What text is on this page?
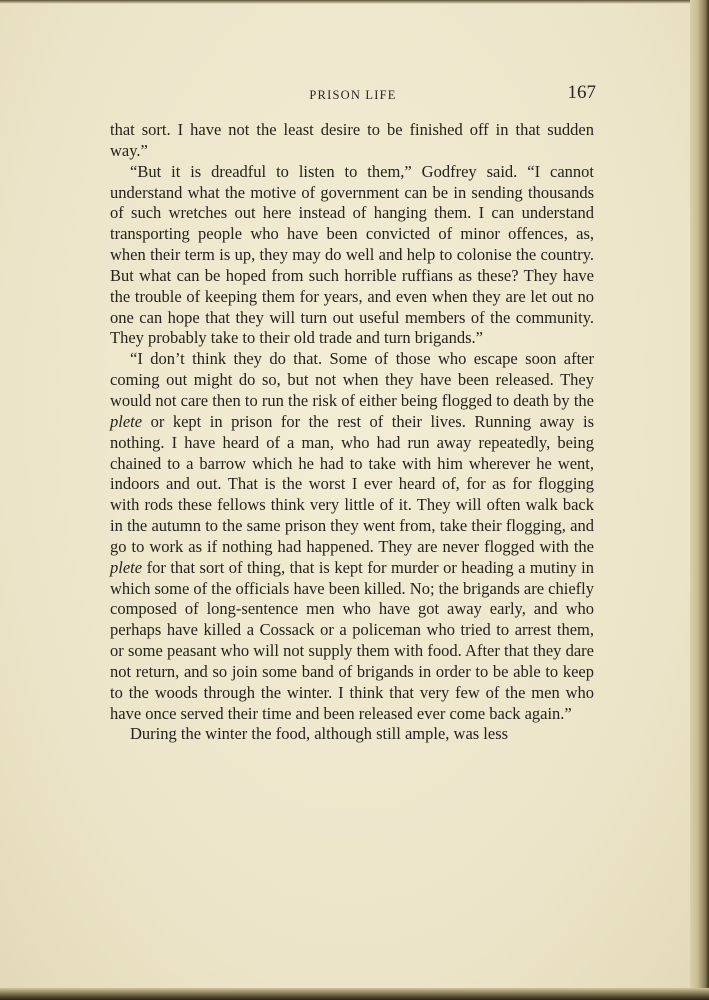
PRISON LIFE	167

that sort. I have not the least desire to be finished off in that sudden way.”

“But it is dreadful to listen to them,” Godfrey said. “I cannot understand what the motive of government can be in sending thousands of such wretches out here instead of hanging them. I can understand transporting people who have been convicted of minor offences, as, when their term is up, they may do well and help to colonise the country. But what can be hoped from such horrible ruffians as these? They have the trouble of keeping them for years, and even when they are let out no one can hope that they will turn out useful members of the community. They probably take to their old trade and turn brigands.”

“I don’t think they do that. Some of those who escape soon after coming out might do so, but not when they have been released. They would not care then to run the risk of either being flogged to death by the plete or kept in prison for the rest of their lives. Running away is nothing. I have heard of a man, who had run away repeatedly, being chained to a barrow which he had to take with him wherever he went, indoors and out. That is the worst I ever heard of, for as for flogging with rods these fellows think very little of it. They will often walk back in the autumn to the same prison they went from, take their flogging, and go to work as if nothing had happened. They are never flogged with the plete for that sort of thing, that is kept for murder or heading a mutiny in which some of the officials have been killed. No; the brigands are chiefly composed of long-sentence men who have got away early, and who perhaps have killed a Cossack or a policeman who tried to arrest them, or some peasant who will not supply them with food. After that they dare not return, and so join some band of brigands in order to be able to keep to the woods through the winter. I think that very few of the men who have once served their time and been released ever come back again.”

During the winter the food, although still ample, was less
